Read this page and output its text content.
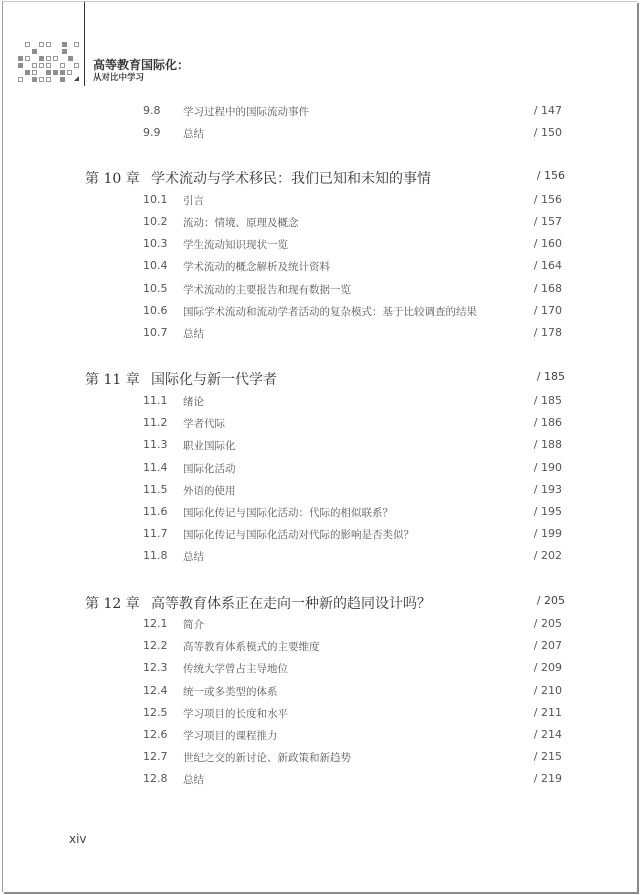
高等教育国际化：
从对比中学习
9.8 学习过程中的国际流动事件	/ 147
9.9 总结	/ 150
第 10 章 学术流动与学术移民：我们已知和未知的事情	/ 156
10.1 引言	/ 156
10.2 流动：情境、原理及概念	/ 157
10.3 学生流动知识现状一览	/ 160
10.4 学术流动的概念解析及统计资料	/ 164
10.5 学术流动的主要报告和现有数据一览	/ 168
10.6 国际学术流动和流动学者活动的复杂模式：基于比较调查的结果	/ 170
10.7 总结	/ 178
第 11 章 国际化与新一代学者	/ 185
11.1 绪论	/ 185
11.2 学者代际	/ 186
11.3 职业国际化	/ 188
11.4 国际化活动	/ 190
11.5 外语的使用	/ 193
11.6 国际化传记与国际化活动：代际的相似联系？	/ 195
11.7 国际化传记与国际化活动对代际的影响是否类似？	/ 199
11.8 总结	/ 202
第 12 章 高等教育体系正在走向一种新的趋同设计吗？	/ 205
12.1 简介	/ 205
12.2 高等教育体系模式的主要维度	/ 207
12.3 传统大学曾占主导地位	/ 209
12.4 统一或多类型的体系	/ 210
12.5 学习项目的长度和水平	/ 211
12.6 学习项目的课程推力	/ 214
12.7 世纪之交的新讨论、新政策和新趋势	/ 215
12.8 总结	/ 219
xiv
